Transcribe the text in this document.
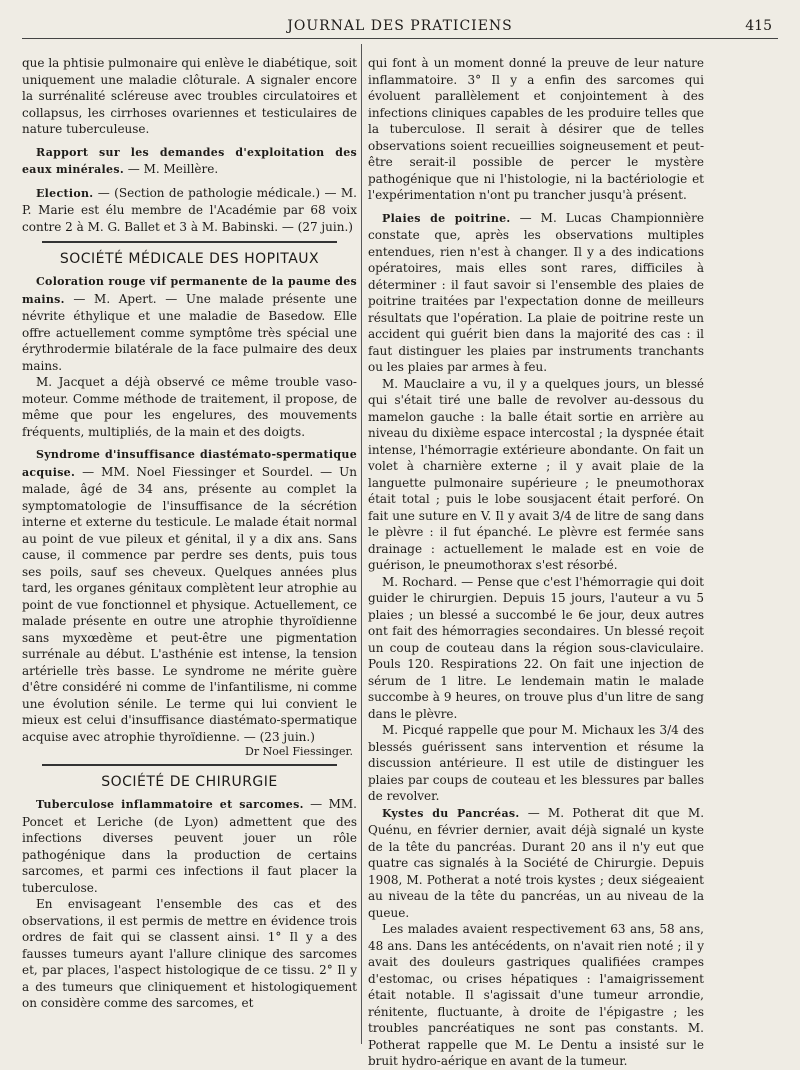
JOURNAL DES PRATICIENS	415

que la phtisie pulmonaire qui enlève le diabétique, soit uniquement une maladie clôturale. A signaler encore la surrénalité scléreuse avec troubles circulatoires et collapsus, les cirrhoses ovariennes et testiculaires de nature tuberculeuse.

Rapport sur les demandes d'exploitation des eaux minérales. — M. Meillère.

Election. — (Section de pathologie médicale.) — M. P. Marie est élu membre de l'Académie par 68 voix contre 2 à M. G. Ballet et 3 à M. Babinski. — (27 juin.)

SOCIÉTÉ MÉDICALE DES HOPITAUX

Coloration rouge vif permanente de la paume des mains. — M. Apert. — Une malade présente une névrite éthylique et une maladie de Basedow. Elle offre actuellement comme symptôme très spécial une érythrodermie bilatérale de la face pulmaire des deux mains.

M. Jacquet a déjà observé ce même trouble vaso-moteur. Comme méthode de traitement, il propose, de même que pour les engelures, des mouvements fréquents, multipliés, de la main et des doigts.

Syndrome d'insuffisance diastémato-spermatique acquise. — MM. Noel Fiessinger et Sourdel. — Un malade, âgé de 34 ans, présente au complet la symptomatologie de l'insuffisance de la sécrétion interne et externe du testicule. Le malade était normal au point de vue pileux et génital, il y a dix ans. Sans cause, il commence par perdre ses dents, puis tous ses poils, sauf ses cheveux. Quelques années plus tard, les organes génitaux complètent leur atrophie au point de vue fonctionnel et physique. Actuellement, ce malade présente en outre une atrophie thyroïdienne sans myxœdème et peut-être une pigmentation surrénale au début. L'asthénie est intense, la tension artérielle très basse. Le syndrome ne mérite guère d'être considéré ni comme de l'infantilisme, ni comme une évolution sénile. Le terme qui lui convient le mieux est celui d'insuffisance diastémato-spermatique acquise avec atrophie thyroïdienne. — (23 juin.)

Dr Noel Fiessinger.
SOCIÉTÉ DE CHIRURGIE

Tuberculose inflammatoire et sarcomes. — MM. Poncet et Leriche (de Lyon) admettent que des infections diverses peuvent jouer un rôle pathogénique dans la production de certains sarcomes, et parmi ces infections il faut placer la tuberculose.

En envisageant l'ensemble des cas et des observations, il est permis de mettre en évidence trois ordres de fait qui se classent ainsi. 1° Il y a des fausses tumeurs ayant l'allure clinique des sarcomes et, par places, l'aspect histologique de ce tissu. 2° Il y a des tumeurs que cliniquement et histologiquement on considère comme des sarcomes, et

qui font à un moment donné la preuve de leur nature inflammatoire. 3° Il y a enfin des sarcomes qui évoluent parallèlement et conjointement à des infections cliniques capables de les produire telles que la tuberculose. Il serait à désirer que de telles observations soient recueillies soigneusement et peut-être serait-il possible de percer le mystère pathogénique que ni l'histologie, ni la bactériologie et l'expérimentation n'ont pu trancher jusqu'à présent.

Plaies de poitrine. — M. Lucas Championnière constate que, après les observations multiples entendues, rien n'est à changer. Il y a des indications opératoires, mais elles sont rares, difficiles à déterminer : il faut savoir si l'ensemble des plaies de poitrine traitées par l'expectation donne de meilleurs résultats que l'opération. La plaie de poitrine reste un accident qui guérit bien dans la majorité des cas : il faut distinguer les plaies par instruments tranchants ou les plaies par armes à feu.

M. Mauclaire a vu, il y a quelques jours, un blessé qui s'était tiré une balle de revolver au-dessous du mamelon gauche : la balle était sortie en arrière au niveau du dixième espace intercostal ; la dyspnée était intense, l'hémorragie extérieure abondante. On fait un volet à charnière externe ; il y avait plaie de la languette pulmonaire supérieure ; le pneumothorax était total ; puis le lobe sousjacent était perforé. On fait une suture en V. Il y avait 3/4 de litre de sang dans le plèvre : il fut épanché. Le plèvre est fermée sans drainage : actuellement le malade est en voie de guérison, le pneumothorax s'est résorbé.

M. Rochard. — Pense que c'est l'hémorragie qui doit guider le chirurgien. Depuis 15 jours, l'auteur a vu 5 plaies ; un blessé a succombé le 6e jour, deux autres ont fait des hémorragies secondaires. Un blessé reçoit un coup de couteau dans la région sous-claviculaire. Pouls 120. Respirations 22. On fait une injection de sérum de 1 litre. Le lendemain matin le malade succombe à 9 heures, on trouve plus d'un litre de sang dans le plèvre.

M. Picqué rappelle que pour M. Michaux les 3/4 des blessés guérissent sans intervention et résume la discussion antérieure. Il est utile de distinguer les plaies par coups de couteau et les blessures par balles de revolver.

Kystes du Pancréas. — M. Potherat dit que M. Quénu, en février dernier, avait déjà signalé un kyste de la tête du pancréas. Durant 20 ans il n'y eut que quatre cas signalés à la Société de Chirurgie. Depuis 1908, M. Potherat a noté trois kystes ; deux siégeaient au niveau de la tête du pancréas, un au niveau de la queue.

Les malades avaient respectivement 63 ans, 58 ans, 48 ans. Dans les antécédents, on n'avait rien noté ; il y avait des douleurs gastriques qualifiées crampes d'estomac, ou crises hépatiques : l'amaigrissement était notable. Il s'agissait d'une tumeur arrondie, rénitente, fluctuante, à droite de l'épigastre ; les troubles pancréatiques ne sont pas constants. M. Potherat rappelle que M. Le Dentu a insisté sur le bruit hydro-aérique en avant de la tumeur.
